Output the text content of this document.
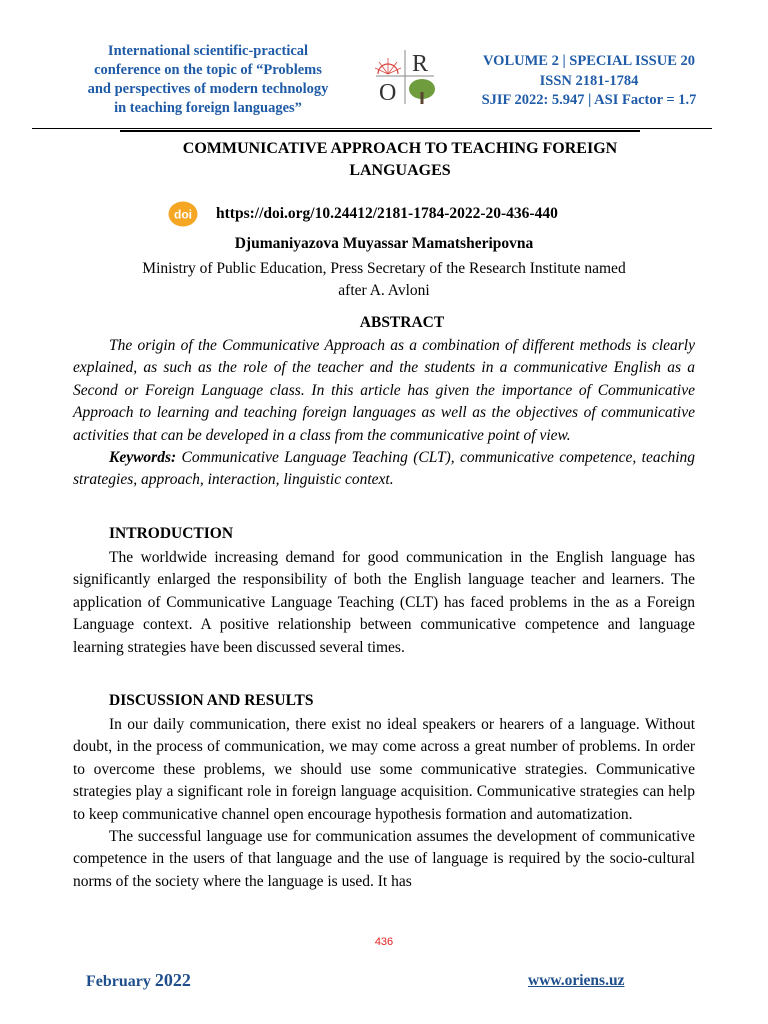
International scientific-practical
conference on the topic of “Problems
and perspectives of modern technology
in teaching foreign languages”
R
O
VOLUME 2 | SPECIAL ISSUE 20
ISSN 2181-1784
SJIF 2022: 5.947 | ASI Factor = 1.7
COMMUNICATIVE APPROACH TO TEACHING FOREIGN
LANGUAGES
doi https://doi.org/10.24412/2181-1784-2022-20-436-440
Djumaniyazova Muyassar Mamatsheripovna
Ministry of Public Education, Press Secretary of the Research Institute named
after A. Avloni
ABSTRACT

The origin of the Communicative Approach as a combination of different methods is clearly explained, as such as the role of the teacher and the students in a communicative English as a Second or Foreign Language class. In this article has given the importance of Communicative Approach to learning and teaching foreign languages as well as the objectives of communicative activities that can be developed in a class from the communicative point of view.

Keywords: Communicative Language Teaching (CLT), communicative competence, teaching strategies, approach, interaction, linguistic context.

INTRODUCTION

The worldwide increasing demand for good communication in the English language has significantly enlarged the responsibility of both the English language teacher and learners. The application of Communicative Language Teaching (CLT) has faced problems in the as a Foreign Language context. A positive relationship between communicative competence and language learning strategies have been discussed several times.

DISCUSSION AND RESULTS

In our daily communication, there exist no ideal speakers or hearers of a language. Without doubt, in the process of communication, we may come across a great number of problems. In order to overcome these problems, we should use some communicative strategies. Communicative strategies play a significant role in foreign language acquisition. Communicative strategies can help to keep communicative channel open encourage hypothesis formation and automatization.

The successful language use for communication assumes the development of communicative competence in the users of that language and the use of language is required by the socio-cultural norms of the society where the language is used. It has

436
February 2022	www.oriens.uz
